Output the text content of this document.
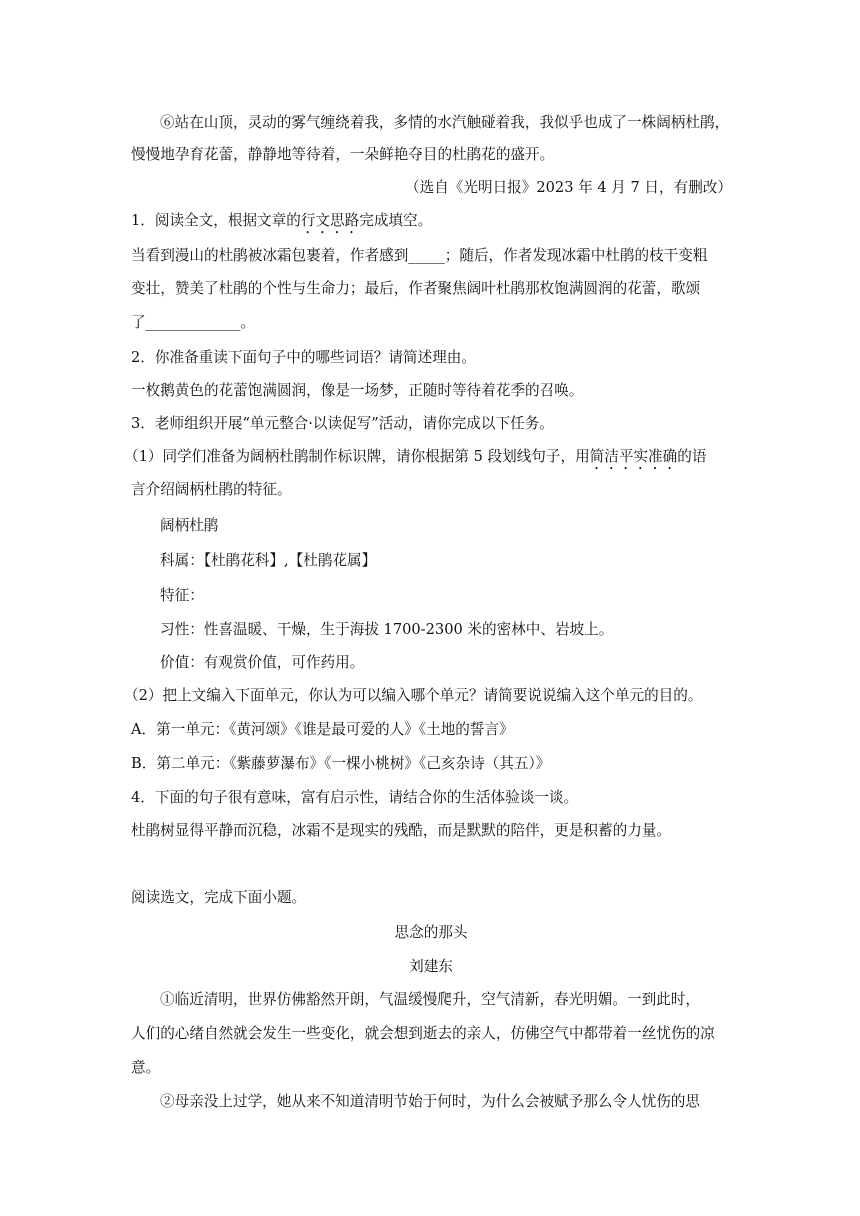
⑥站在山顶，灵动的雾气缠绕着我，多情的水汽触碰着我，我似乎也成了一株阔柄杜鹃，
慢慢地孕育花蕾，静静地等待着，一朵鲜艳夺目的杜鹃花的盛开。
（选自《光明日报》2023 年 4 月 7 日，有删改）
1．阅读全文，根据文章的行文思路完成填空。
当看到漫山的杜鹃被冰霜包裹着，作者感到_____；随后，作者发现冰霜中杜鹃的枝干变粗
变壮，赞美了杜鹃的个性与生命力；最后，作者聚焦阔叶杜鹃那枚饱满圆润的花蕾，歌颂
了_____________。
2．你准备重读下面句子中的哪些词语？请简述理由。
一枚鹅黄色的花蕾饱满圆润，像是一场梦，正随时等待着花季的召唤。
3．老师组织开展“单元整合·以读促写”活动，请你完成以下任务。
（1）同学们准备为阔柄杜鹃制作标识牌，请你根据第 5 段划线句子，用简洁平实准确的语
言介绍阔柄杜鹃的特征。
阔柄杜鹃
科属：【杜鹃花科】,【杜鹃花属】
特征：
习性：性喜温暖、干燥，生于海拔 1700-2300 米的密林中、岩坡上。
价值：有观赏价值，可作药用。
（2）把上文编入下面单元，你认为可以编入哪个单元？请简要说说编入这个单元的目的。
A．第一单元：《黄河颂》《谁是最可爱的人》《土地的誓言》
B．第二单元：《紫藤萝瀑布》《一棵小桃树》《己亥杂诗（其五）》
4．下面的句子很有意味，富有启示性，请结合你的生活体验谈一谈。
杜鹃树显得平静而沉稳，冰霜不是现实的残酷，而是默默的陪伴，更是积蓄的力量。
阅读选文，完成下面小题。
思念的那头
刘建东
①临近清明，世界仿佛豁然开朗，气温缓慢爬升，空气清新，春光明媚。一到此时，
人们的心绪自然就会发生一些变化，就会想到逝去的亲人，仿佛空气中都带着一丝忧伤的凉
意。
②母亲没上过学，她从来不知道清明节始于何时，为什么会被赋予那么令人忧伤的思
